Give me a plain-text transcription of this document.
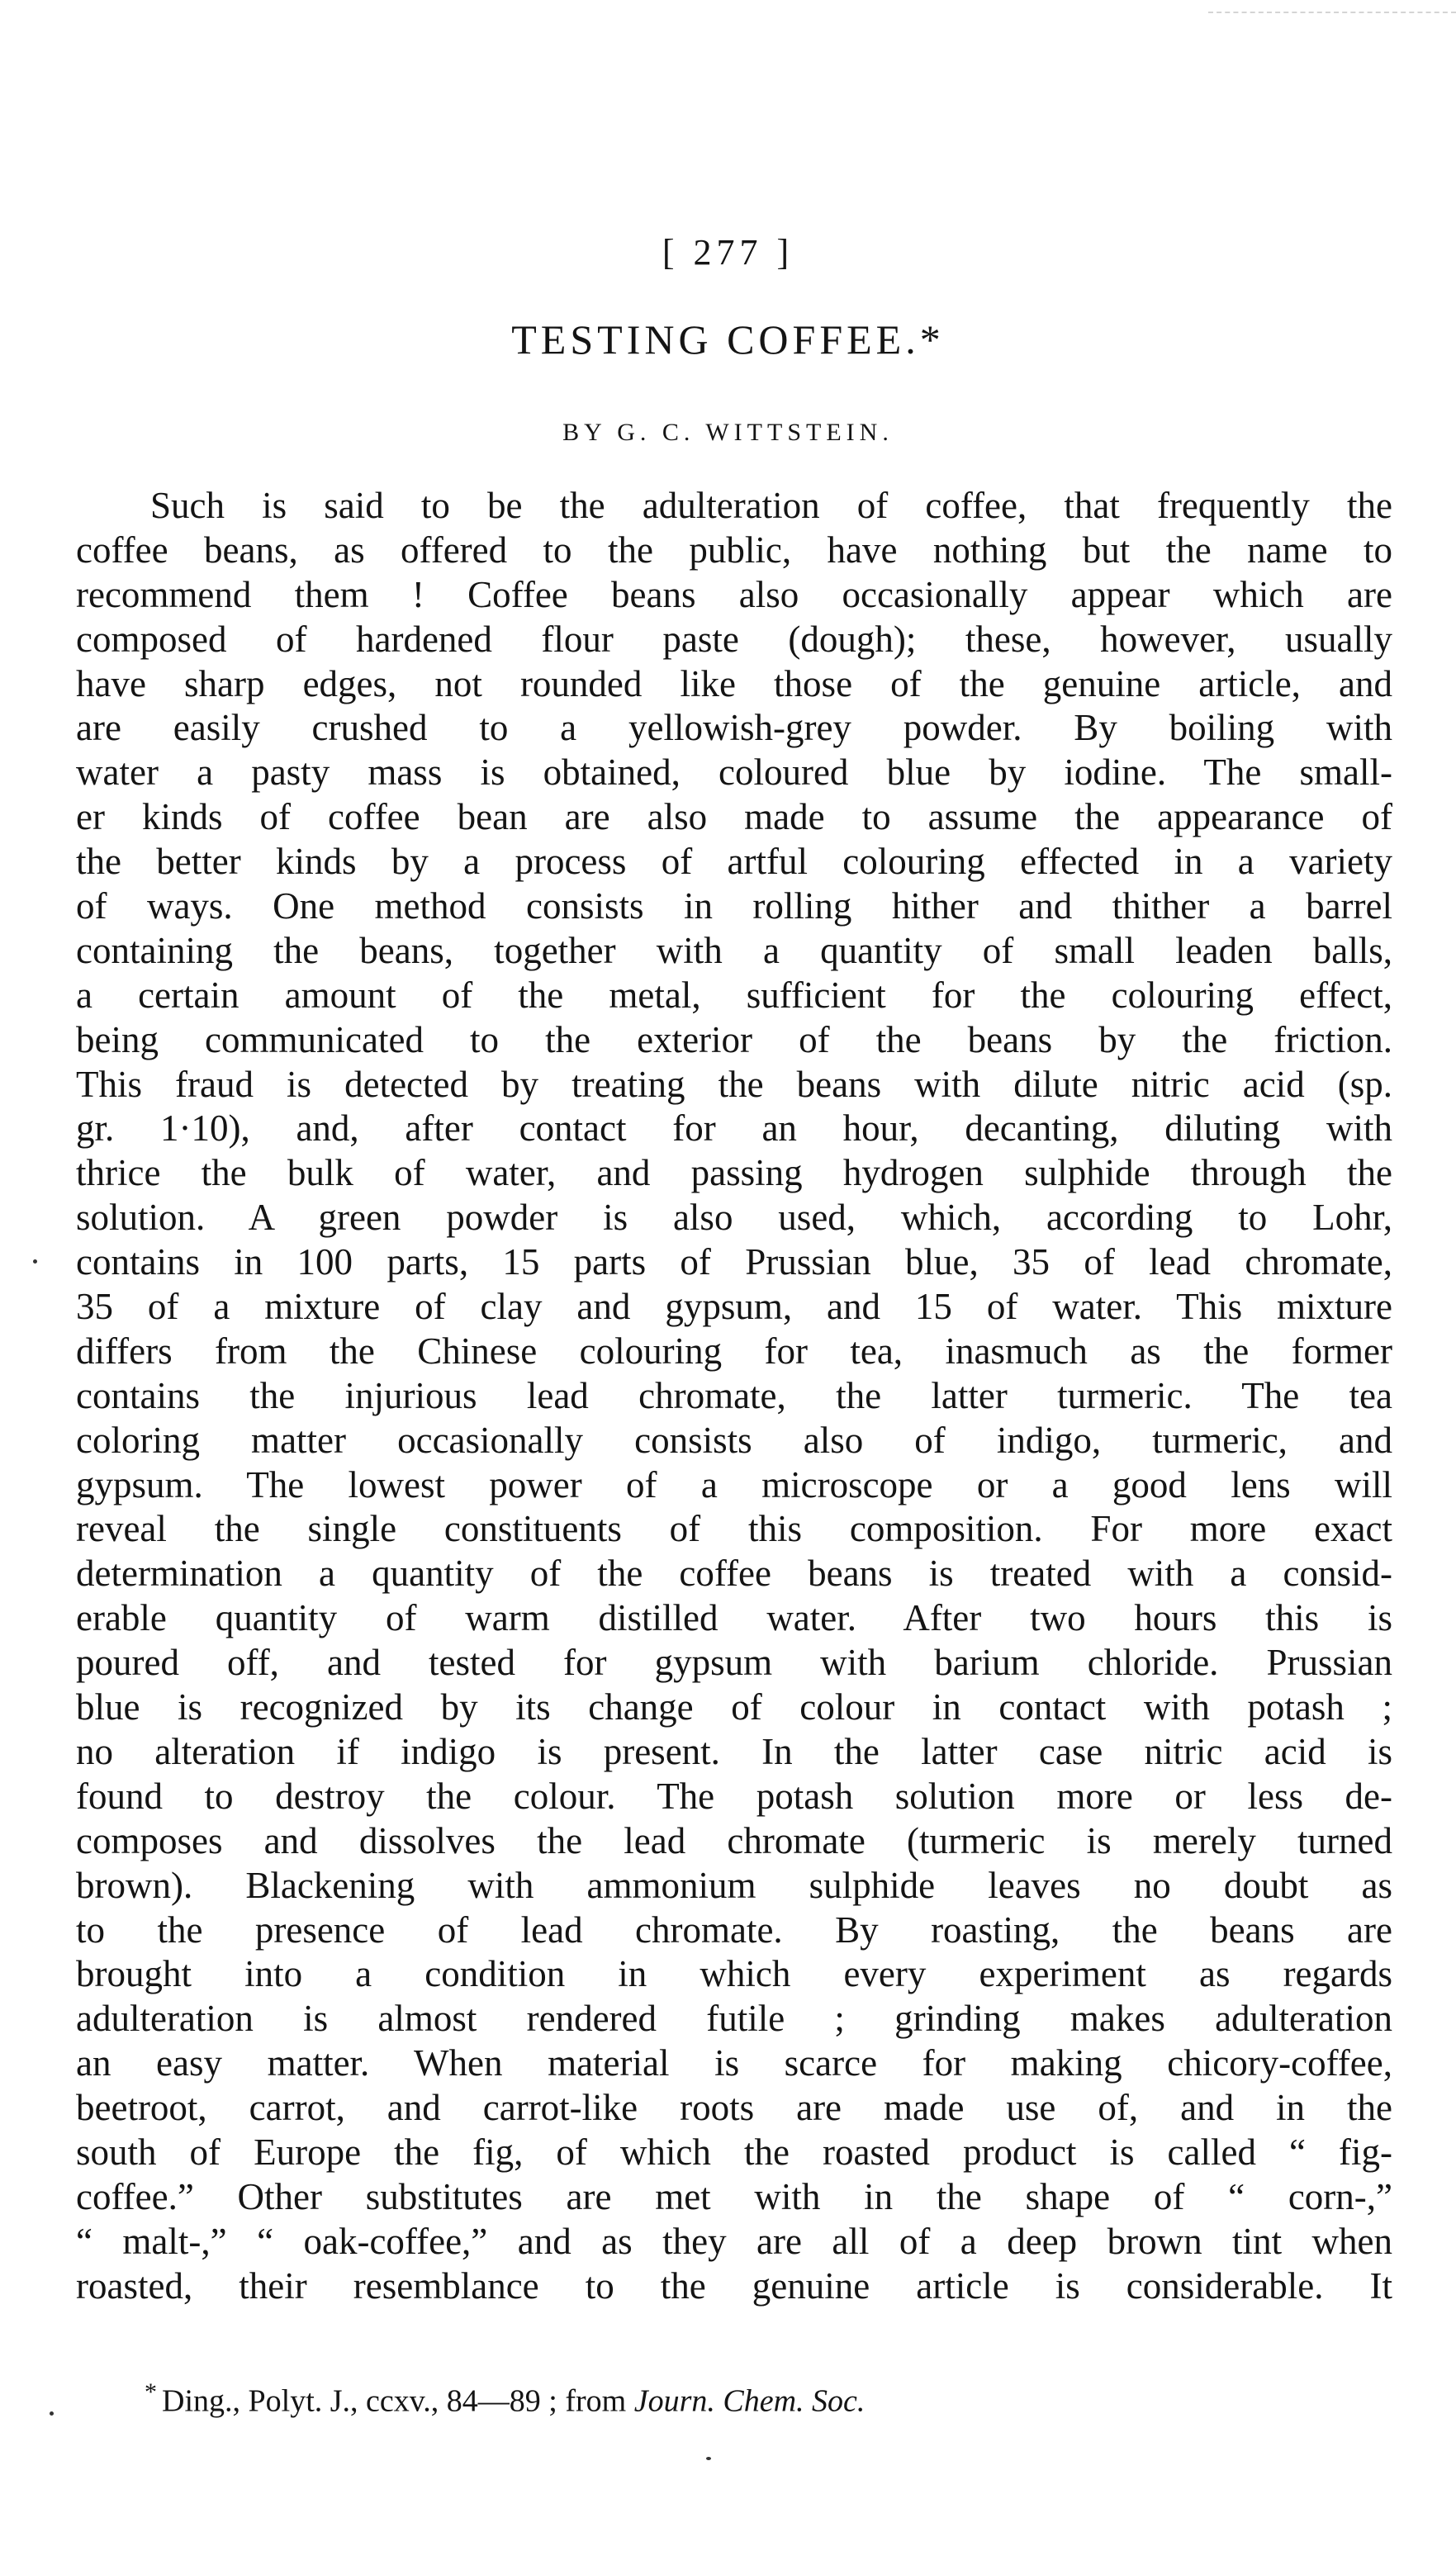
[ 277 ]
TESTING COFFEE.*
BY G. C. WITTSTEIN.
Such is said to be the adulteration of coffee, that frequently the
coffee beans, as offered to the public, have nothing but the name to
recommend them ! Coffee beans also occasionally appear which are
composed of hardened flour paste (dough); these, however, usually
have sharp edges, not rounded like those of the genuine article, and
are easily crushed to a yellowish-grey powder. By boiling with
water a pasty mass is obtained, coloured blue by iodine. The small-
er kinds of coffee bean are also made to assume the appearance of
the better kinds by a process of artful colouring effected in a variety
of ways. One method consists in rolling hither and thither a barrel
containing the beans, together with a quantity of small leaden balls,
a certain amount of the metal, sufficient for the colouring effect,
being communicated to the exterior of the beans by the friction.
This fraud is detected by treating the beans with dilute nitric acid (sp.
gr. 1·10), and, after contact for an hour, decanting, diluting with
thrice the bulk of water, and passing hydrogen sulphide through the
solution. A green powder is also used, which, according to Lohr,
contains in 100 parts, 15 parts of Prussian blue, 35 of lead chromate,
35 of a mixture of clay and gypsum, and 15 of water. This mixture
differs from the Chinese colouring for tea, inasmuch as the former
contains the injurious lead chromate, the latter turmeric. The tea
coloring matter occasionally consists also of indigo, turmeric, and
gypsum. The lowest power of a microscope or a good lens will
reveal the single constituents of this composition. For more exact
determination a quantity of the coffee beans is treated with a consid-
erable quantity of warm distilled water. After two hours this is
poured off, and tested for gypsum with barium chloride. Prussian
blue is recognized by its change of colour in contact with potash ;
no alteration if indigo is present. In the latter case nitric acid is
found to destroy the colour. The potash solution more or less de-
composes and dissolves the lead chromate (turmeric is merely turned
brown). Blackening with ammonium sulphide leaves no doubt as
to the presence of lead chromate. By roasting, the beans are
brought into a condition in which every experiment as regards
adulteration is almost rendered futile ; grinding makes adulteration
an easy matter. When material is scarce for making chicory-coffee,
beetroot, carrot, and carrot-like roots are made use of, and in the
south of Europe the fig, of which the roasted product is called “ fig-
coffee.” Other substitutes are met with in the shape of “ corn-,”
“ malt-,” “ oak-coffee,” and as they are all of a deep brown tint when
roasted, their resemblance to the genuine article is considerable. It
* Ding., Polyt. J., ccxv., 84—89 ; from Journ. Chem. Soc.
